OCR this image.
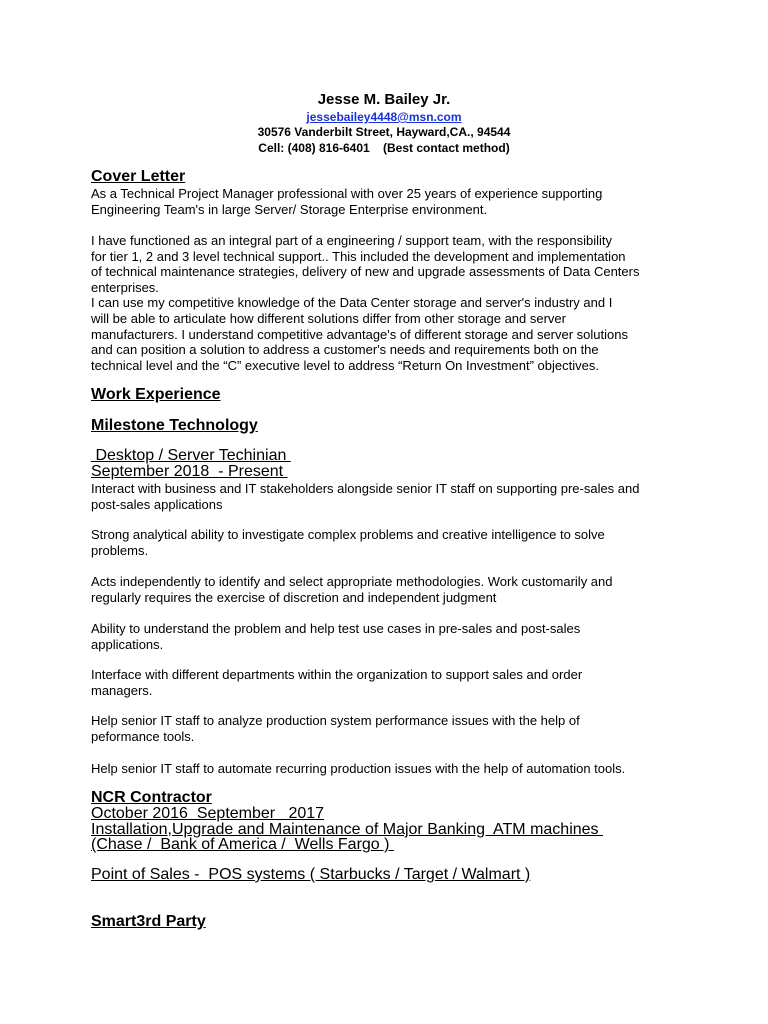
Jesse M. Bailey Jr.
jessebailey4448@msn.com
30576 Vanderbilt Street, Hayward,CA., 94544
Cell: (408) 816-6401    (Best contact method)
Cover Letter
As a Technical Project Manager professional with over 25 years of experience supporting
Engineering Team's in large Server/ Storage Enterprise environment.
I have functioned as an integral part of a engineering / support team, with the responsibility
for tier 1, 2 and 3 level technical support.. This included the development and implementation
of technical maintenance strategies, delivery of new and upgrade assessments of Data Centers
enterprises.
I can use my competitive knowledge of the Data Center storage and server's industry and I
will be able to articulate how different solutions differ from other storage and server
manufacturers. I understand competitive advantage's of different storage and server solutions
and can position a solution to address a customer's needs and requirements both on the
technical level and the “C” executive level to address “Return On Investment” objectives.
Work Experience
Milestone Technology
Desktop / Server Techinian
September 2018  - Present
Interact with business and IT stakeholders alongside senior IT staff on supporting pre-sales and
post-sales applications
Strong analytical ability to investigate complex problems and creative intelligence to solve
problems.
Acts independently to identify and select appropriate methodologies. Work customarily and
regularly requires the exercise of discretion and independent judgment
Ability to understand the problem and help test use cases in pre-sales and post-sales
applications.
Interface with different departments within the organization to support sales and order
managers.
Help senior IT staff to analyze production system performance issues with the help of
peformance tools.
Help senior IT staff to automate recurring production issues with the help of automation tools.
NCR Contractor
October 2016  September   2017
Installation,Upgrade and Maintenance of Major Banking  ATM machines
(Chase /  Bank of America /  Wells Fargo )
Point of Sales -  POS systems ( Starbucks / Target / Walmart )
Smart3rd Party
